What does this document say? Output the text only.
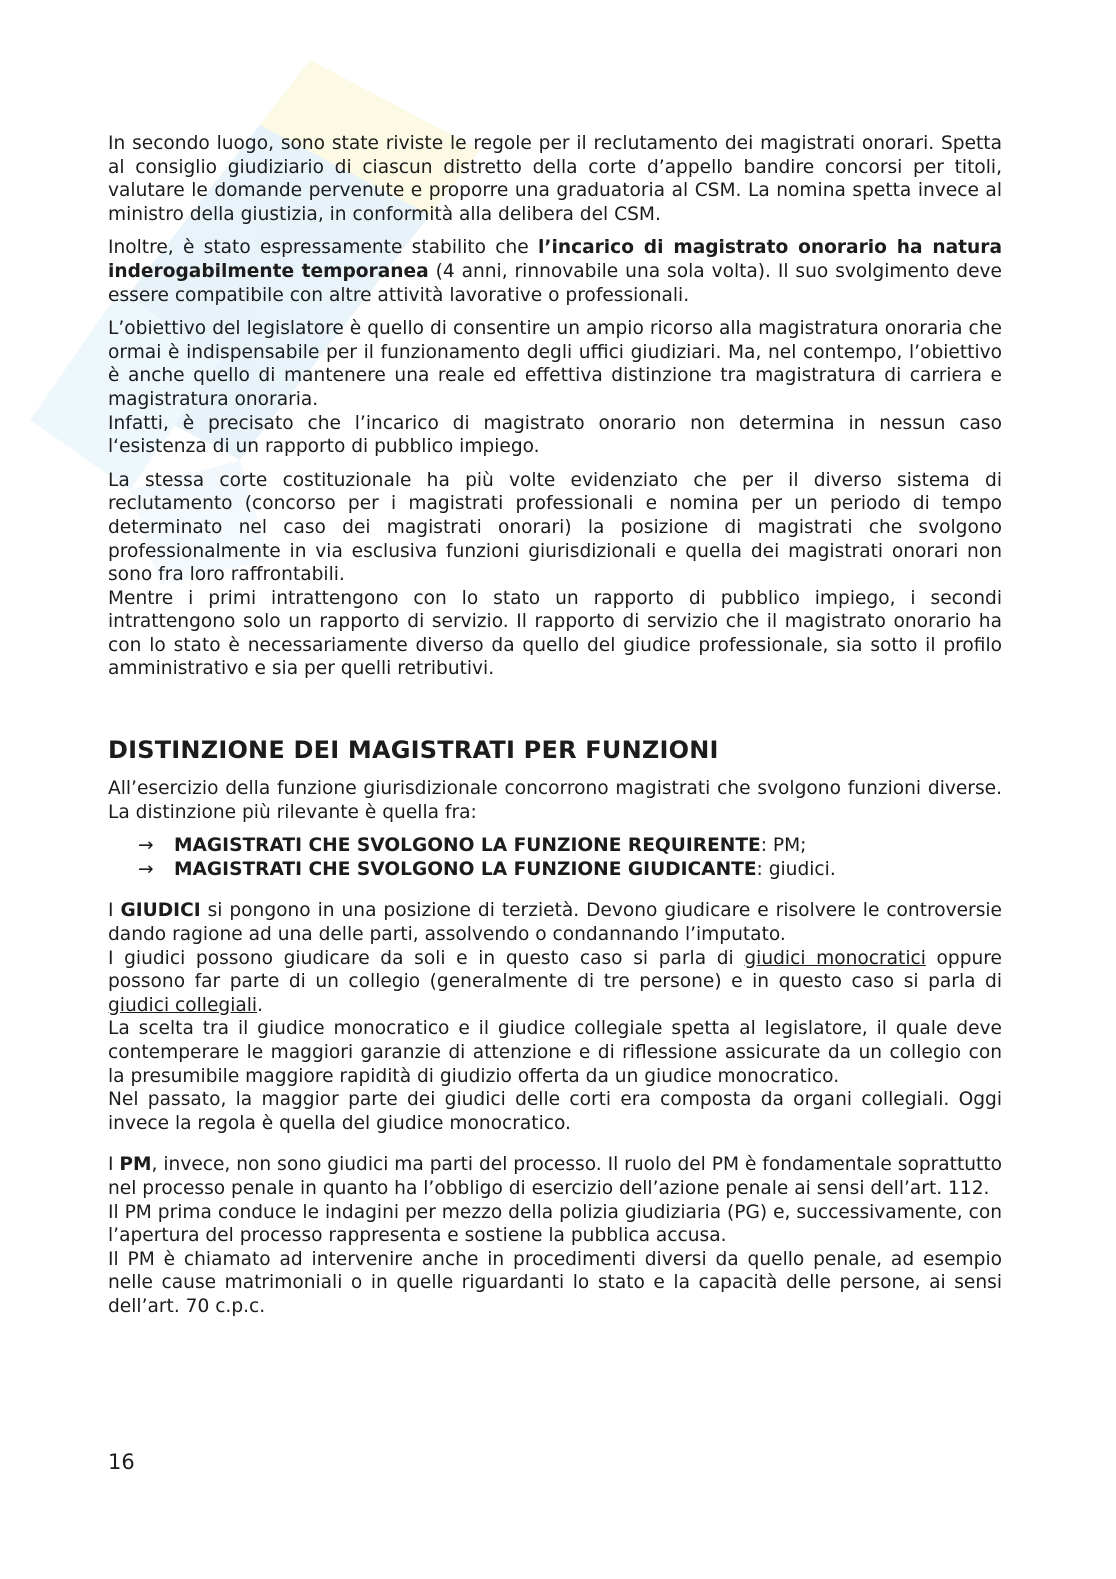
In secondo luogo, sono state riviste le regole per il reclutamento dei magistrati onorari. Spetta al consiglio giudiziario di ciascun distretto della corte d’appello bandire concorsi per titoli, valutare le domande pervenute e proporre una graduatoria al CSM. La nomina spetta invece al ministro della giustizia, in conformità alla delibera del CSM.

Inoltre, è stato espressamente stabilito che l’incarico di magistrato onorario ha natura inderogabilmente temporanea (4 anni, rinnovabile una sola volta). Il suo svolgimento deve essere compatibile con altre attività lavorative o professionali.

L’obiettivo del legislatore è quello di consentire un ampio ricorso alla magistratura onoraria che ormai è indispensabile per il funzionamento degli uffici giudiziari. Ma, nel contempo, l’obiettivo è anche quello di mantenere una reale ed effettiva distinzione tra magistratura di carriera e magistratura onoraria.

Infatti, è precisato che l’incarico di magistrato onorario non determina in nessun caso l‘esistenza di un rapporto di pubblico impiego.

La stessa corte costituzionale ha più volte evidenziato che per il diverso sistema di reclutamento (concorso per i magistrati professionali e nomina per un periodo di tempo determinato nel caso dei magistrati onorari) la posizione di magistrati che svolgono professionalmente in via esclusiva funzioni giurisdizionali e quella dei magistrati onorari non sono fra loro raffrontabili.

Mentre i primi intrattengono con lo stato un rapporto di pubblico impiego, i secondi intrattengono solo un rapporto di servizio. Il rapporto di servizio che il magistrato onorario ha con lo stato è necessariamente diverso da quello del giudice professionale, sia sotto il profilo amministrativo e sia per quelli retributivi.

DISTINZIONE DEI MAGISTRATI PER FUNZIONI

All’esercizio della funzione giurisdizionale concorrono magistrati che svolgono funzioni diverse. La distinzione più rilevante è quella fra:

→ MAGISTRATI CHE SVOLGONO LA FUNZIONE REQUIRENTE: PM;
→ MAGISTRATI CHE SVOLGONO LA FUNZIONE GIUDICANTE: giudici.

I GIUDICI si pongono in una posizione di terzietà. Devono giudicare e risolvere le controversie dando ragione ad una delle parti, assolvendo o condannando l’imputato.

I giudici possono giudicare da soli e in questo caso si parla di giudici monocratici oppure possono far parte di un collegio (generalmente di tre persone) e in questo caso si parla di giudici collegiali.

La scelta tra il giudice monocratico e il giudice collegiale spetta al legislatore, il quale deve contemperare le maggiori garanzie di attenzione e di riflessione assicurate da un collegio con la presumibile maggiore rapidità di giudizio offerta da un giudice monocratico.

Nel passato, la maggior parte dei giudici delle corti era composta da organi collegiali. Oggi invece la regola è quella del giudice monocratico.

I PM, invece, non sono giudici ma parti del processo. Il ruolo del PM è fondamentale soprattutto nel processo penale in quanto ha l’obbligo di esercizio dell’azione penale ai sensi dell’art. 112.

Il PM prima conduce le indagini per mezzo della polizia giudiziaria (PG) e, successivamente, con l’apertura del processo rappresenta e sostiene la pubblica accusa.

Il PM è chiamato ad intervenire anche in procedimenti diversi da quello penale, ad esempio nelle cause matrimoniali o in quelle riguardanti lo stato e la capacità delle persone, ai sensi dell’art. 70 c.p.c.

16
